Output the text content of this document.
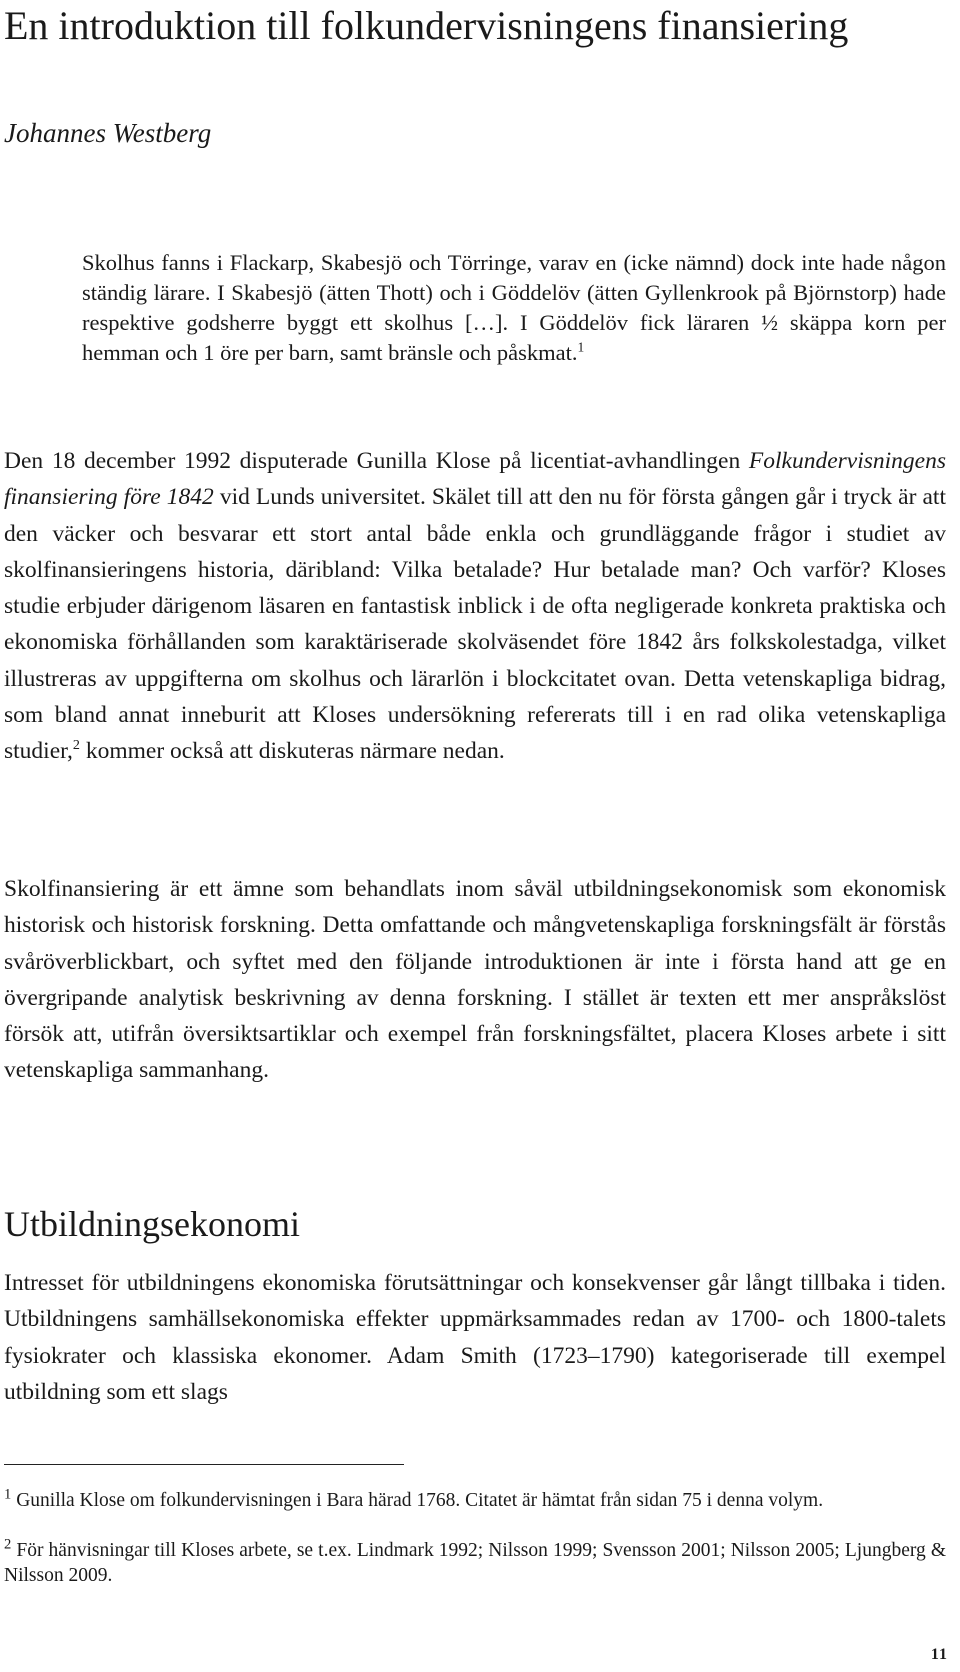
En introduktion till folkundervisningens finansiering
Johannes Westberg

Skolhus fanns i Flackarp, Skabesjö och Törringe, varav en (icke nämnd) dock inte hade någon ständig lärare. I Skabesjö (ätten Thott) och i Göddelöv (ätten Gyllenkrook på Björnstorp) hade respektive godsherre byggt ett skolhus […]. I Göddelöv fick läraren ½ skäppa korn per hemman och 1 öre per barn, samt bränsle och påskmat.$^1$

Den 18 december 1992 disputerade Gunilla Klose på licentiat-avhandlingen Folkundervisningens finansiering före 1842 vid Lunds universitet. Skälet till att den nu för första gången går i tryck är att den väcker och besvarar ett stort antal både enkla och grundläggande frågor i studiet av skolfinansieringens historia, däribland: Vilka betalade? Hur betalade man? Och varför? Kloses studie erbjuder därigenom läsaren en fantastisk inblick i de ofta negligerade konkreta praktiska och ekonomiska förhållanden som karaktäriserade skolväsendet före 1842 års folkskolestadga, vilket illustreras av uppgifterna om skolhus och lärarlön i blockcitatet ovan. Detta vetenskapliga bidrag, som bland annat inneburit att Kloses undersökning refererats till i en rad olika vetenskapliga studier,$^2$ kommer också att diskuteras närmare nedan.

Skolfinansiering är ett ämne som behandlats inom såväl utbildningsekonomisk som ekonomisk historisk och historisk forskning. Detta omfattande och mångvetenskapliga forskningsfält är förstås svåröverblickbart, och syftet med den följande introduktionen är inte i första hand att ge en övergripande analytisk beskrivning av denna forskning. I stället är texten ett mer anspråkslöst försök att, utifrån översiktsartiklar och exempel från forskningsfältet, placera Kloses arbete i sitt vetenskapliga sammanhang.

Utbildningsekonomi

Intresset för utbildningens ekonomiska förutsättningar och konsekvenser går långt tillbaka i tiden. Utbildningens samhällsekonomiska effekter uppmärksammades redan av 1700- och 1800-talets fysiokrater och klassiska ekonomer. Adam Smith (1723–1790) kategoriserade till exempel utbildning som ett slags

$^1$ Gunilla Klose om folkundervisningen i Bara härad 1768. Citatet är hämtat från sidan 75 i denna volym.
$^2$ För hänvisningar till Kloses arbete, se t.ex. Lindmark 1992; Nilsson 1999; Svensson 2001; Nilsson 2005; Ljungberg & Nilsson 2009.
11
